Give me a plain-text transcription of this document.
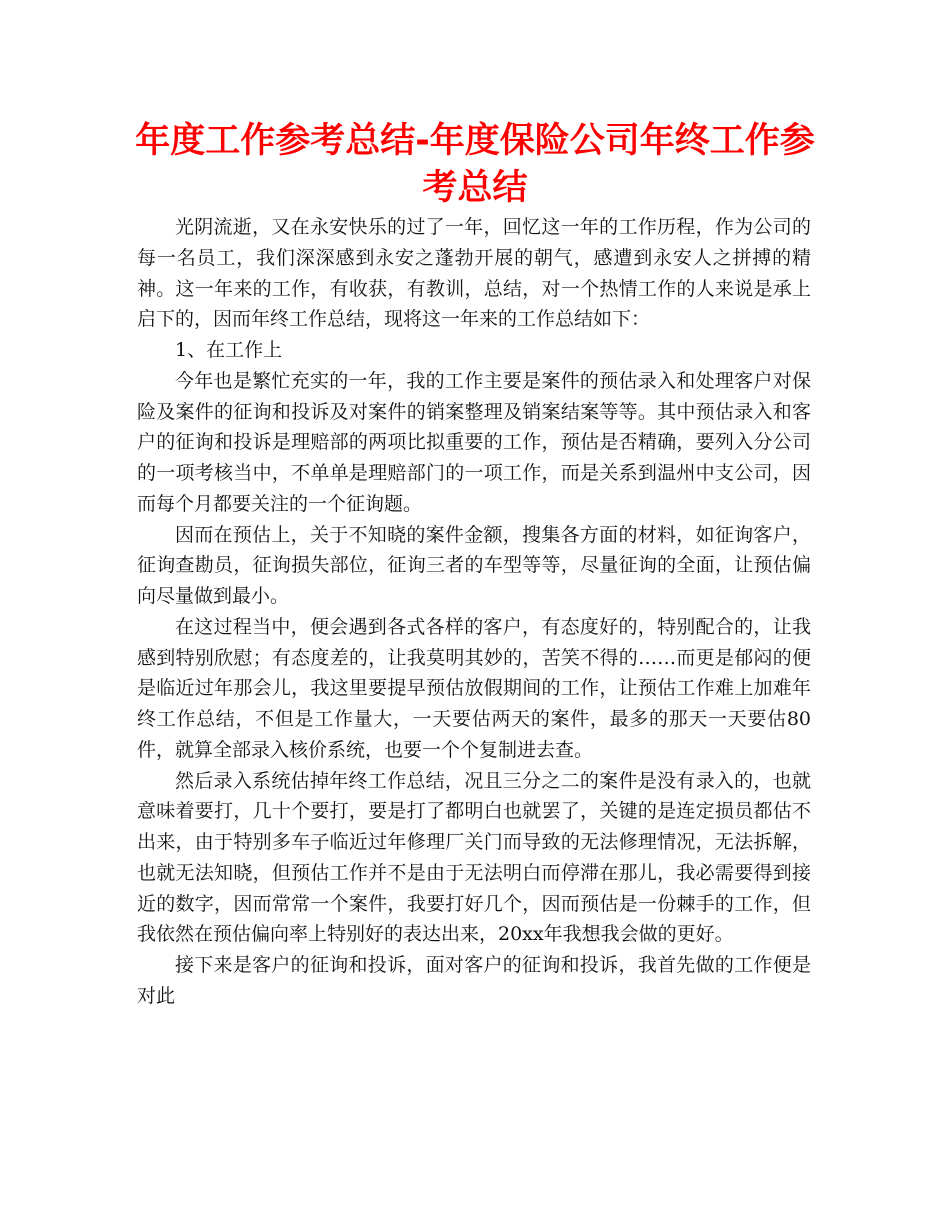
年度工作参考总结-年度保险公司年终工作参考总结

光阴流逝，又在永安快乐的过了一年，回忆这一年的工作历程，作为公司的每一名员工，我们深深感到永安之蓬勃开展的朝气，感遭到永安人之拼搏的精神。这一年来的工作，有收获，有教训，总结，对一个热情工作的人来说是承上启下的，因而年终工作总结，现将这一年来的工作总结如下：

1、在工作上

今年也是繁忙充实的一年，我的工作主要是案件的预估录入和处理客户对保险及案件的征询和投诉及对案件的销案整理及销案结案等等。其中预估录入和客户的征询和投诉是理赔部的两项比拟重要的工作，预估是否精确，要列入分公司的一项考核当中，不单单是理赔部门的一项工作，而是关系到温州中支公司，因而每个月都要关注的一个征询题。

因而在预估上，关于不知晓的案件金额，搜集各方面的材料，如征询客户，征询查勘员，征询损失部位，征询三者的车型等等，尽量征询的全面，让预估偏向尽量做到最小。

在这过程当中，便会遇到各式各样的客户，有态度好的，特别配合的，让我感到特别欣慰；有态度差的，让我莫明其妙的，苦笑不得的……而更是郁闷的便是临近过年那会儿，我这里要提早预估放假期间的工作，让预估工作难上加难年终工作总结，不但是工作量大，一天要估两天的案件，最多的那天一天要估80件，就算全部录入核价系统，也要一个个复制进去查。

然后录入系统估掉年终工作总结，况且三分之二的案件是没有录入的，也就意味着要打，几十个要打，要是打了都明白也就罢了，关键的是连定损员都估不出来，由于特别多车子临近过年修理厂关门而导致的无法修理情况，无法拆解，也就无法知晓，但预估工作并不是由于无法明白而停滞在那儿，我必需要得到接近的数字，因而常常一个案件，我要打好几个，因而预估是一份棘手的工作，但我依然在预估偏向率上特别好的表达出来，20xx年我想我会做的更好。

接下来是客户的征询和投诉，面对客户的征询和投诉，我首先做的工作便是对此
